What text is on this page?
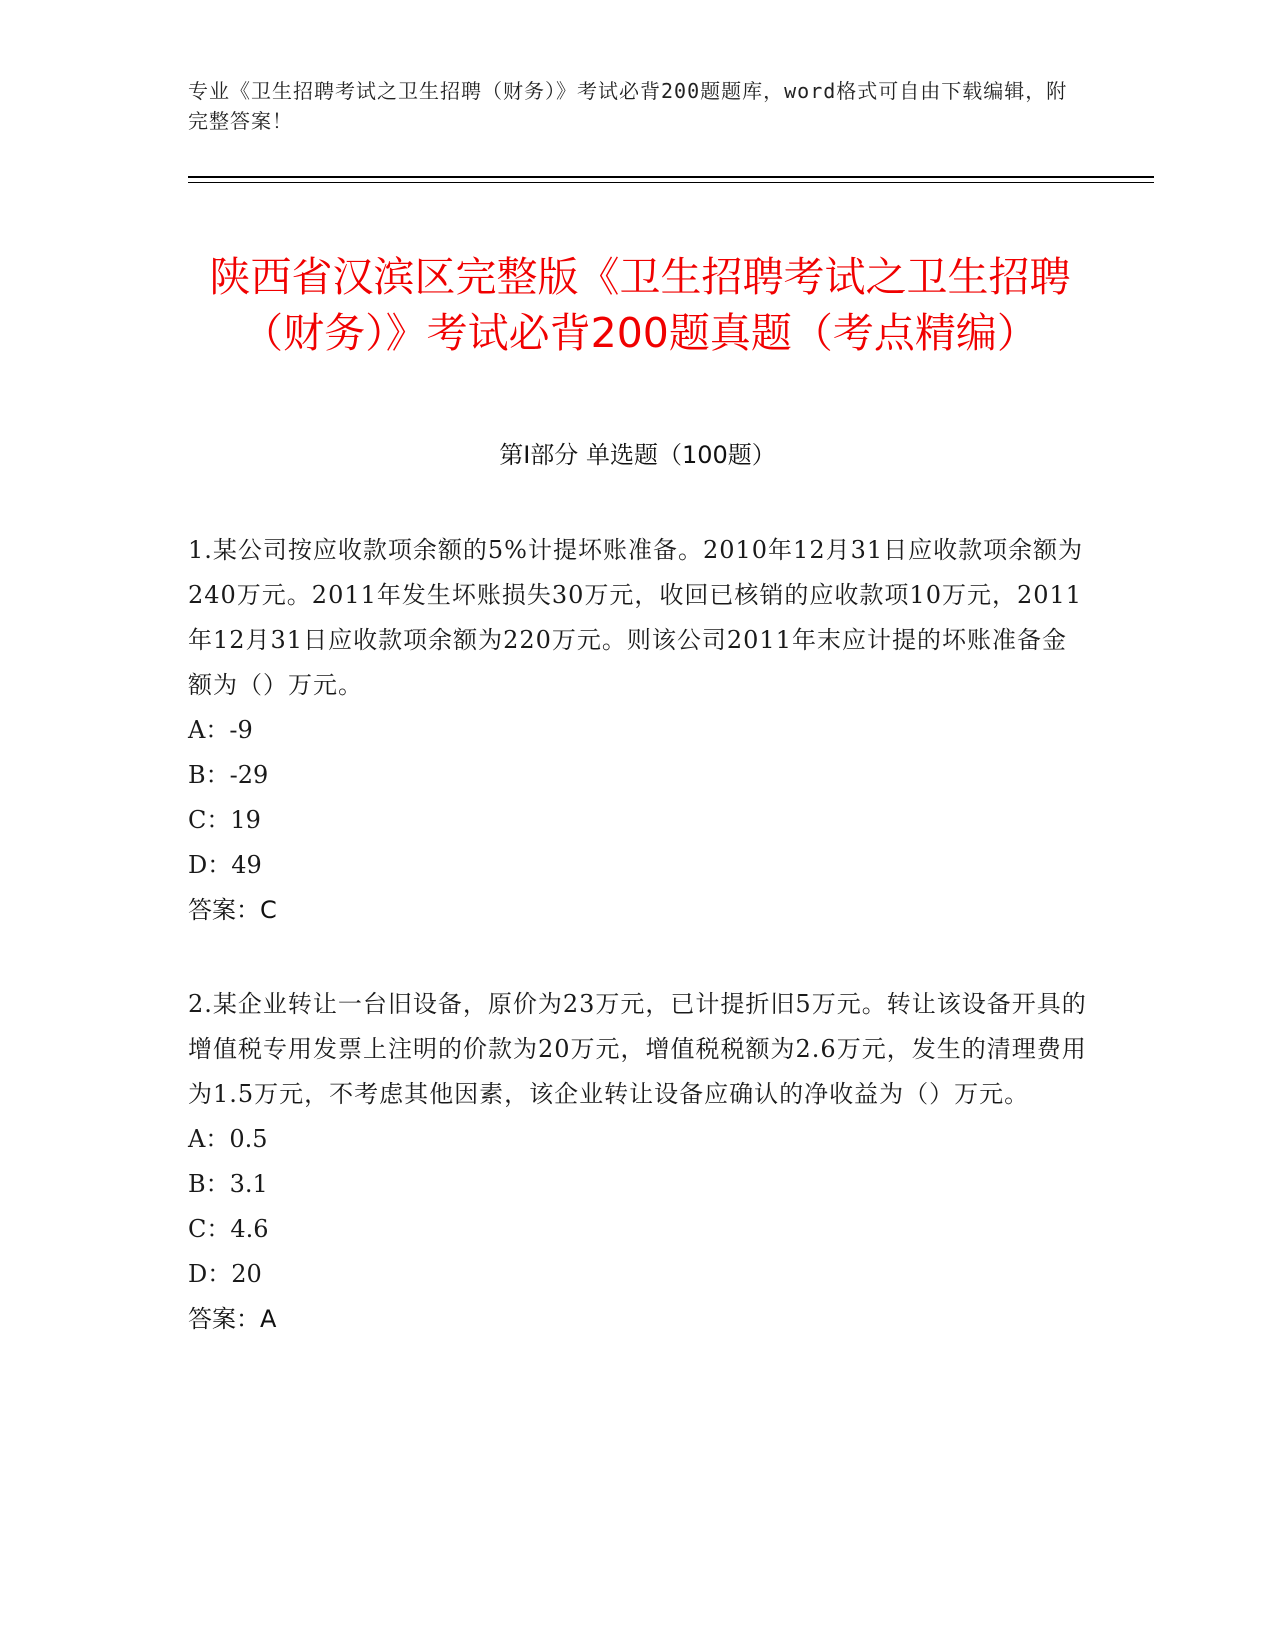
专业《卫生招聘考试之卫生招聘（财务）》考试必背200题题库，word格式可自由下载编辑，附完整答案！
陕西省汉滨区完整版《卫生招聘考试之卫生招聘（财务）》考试必背200题真题（考点精编）
第I部分 单选题（100题）

1.某公司按应收款项余额的5%计提坏账准备。2010年12月31日应收款项余额为240万元。2011年发生坏账损失30万元，收回已核销的应收款项10万元，2011年12月31日应收款项余额为220万元。则该公司2011年末应计提的坏账准备金额为（）万元。

A：-9

B：-29

C：19

D：49

答案：C

2.某企业转让一台旧设备，原价为23万元，已计提折旧5万元。转让该设备开具的增值税专用发票上注明的价款为20万元，增值税税额为2.6万元，发生的清理费用为1.5万元，不考虑其他因素，该企业转让设备应确认的净收益为（）万元。

A：0.5

B：3.1

C：4.6

D：20

答案：A
